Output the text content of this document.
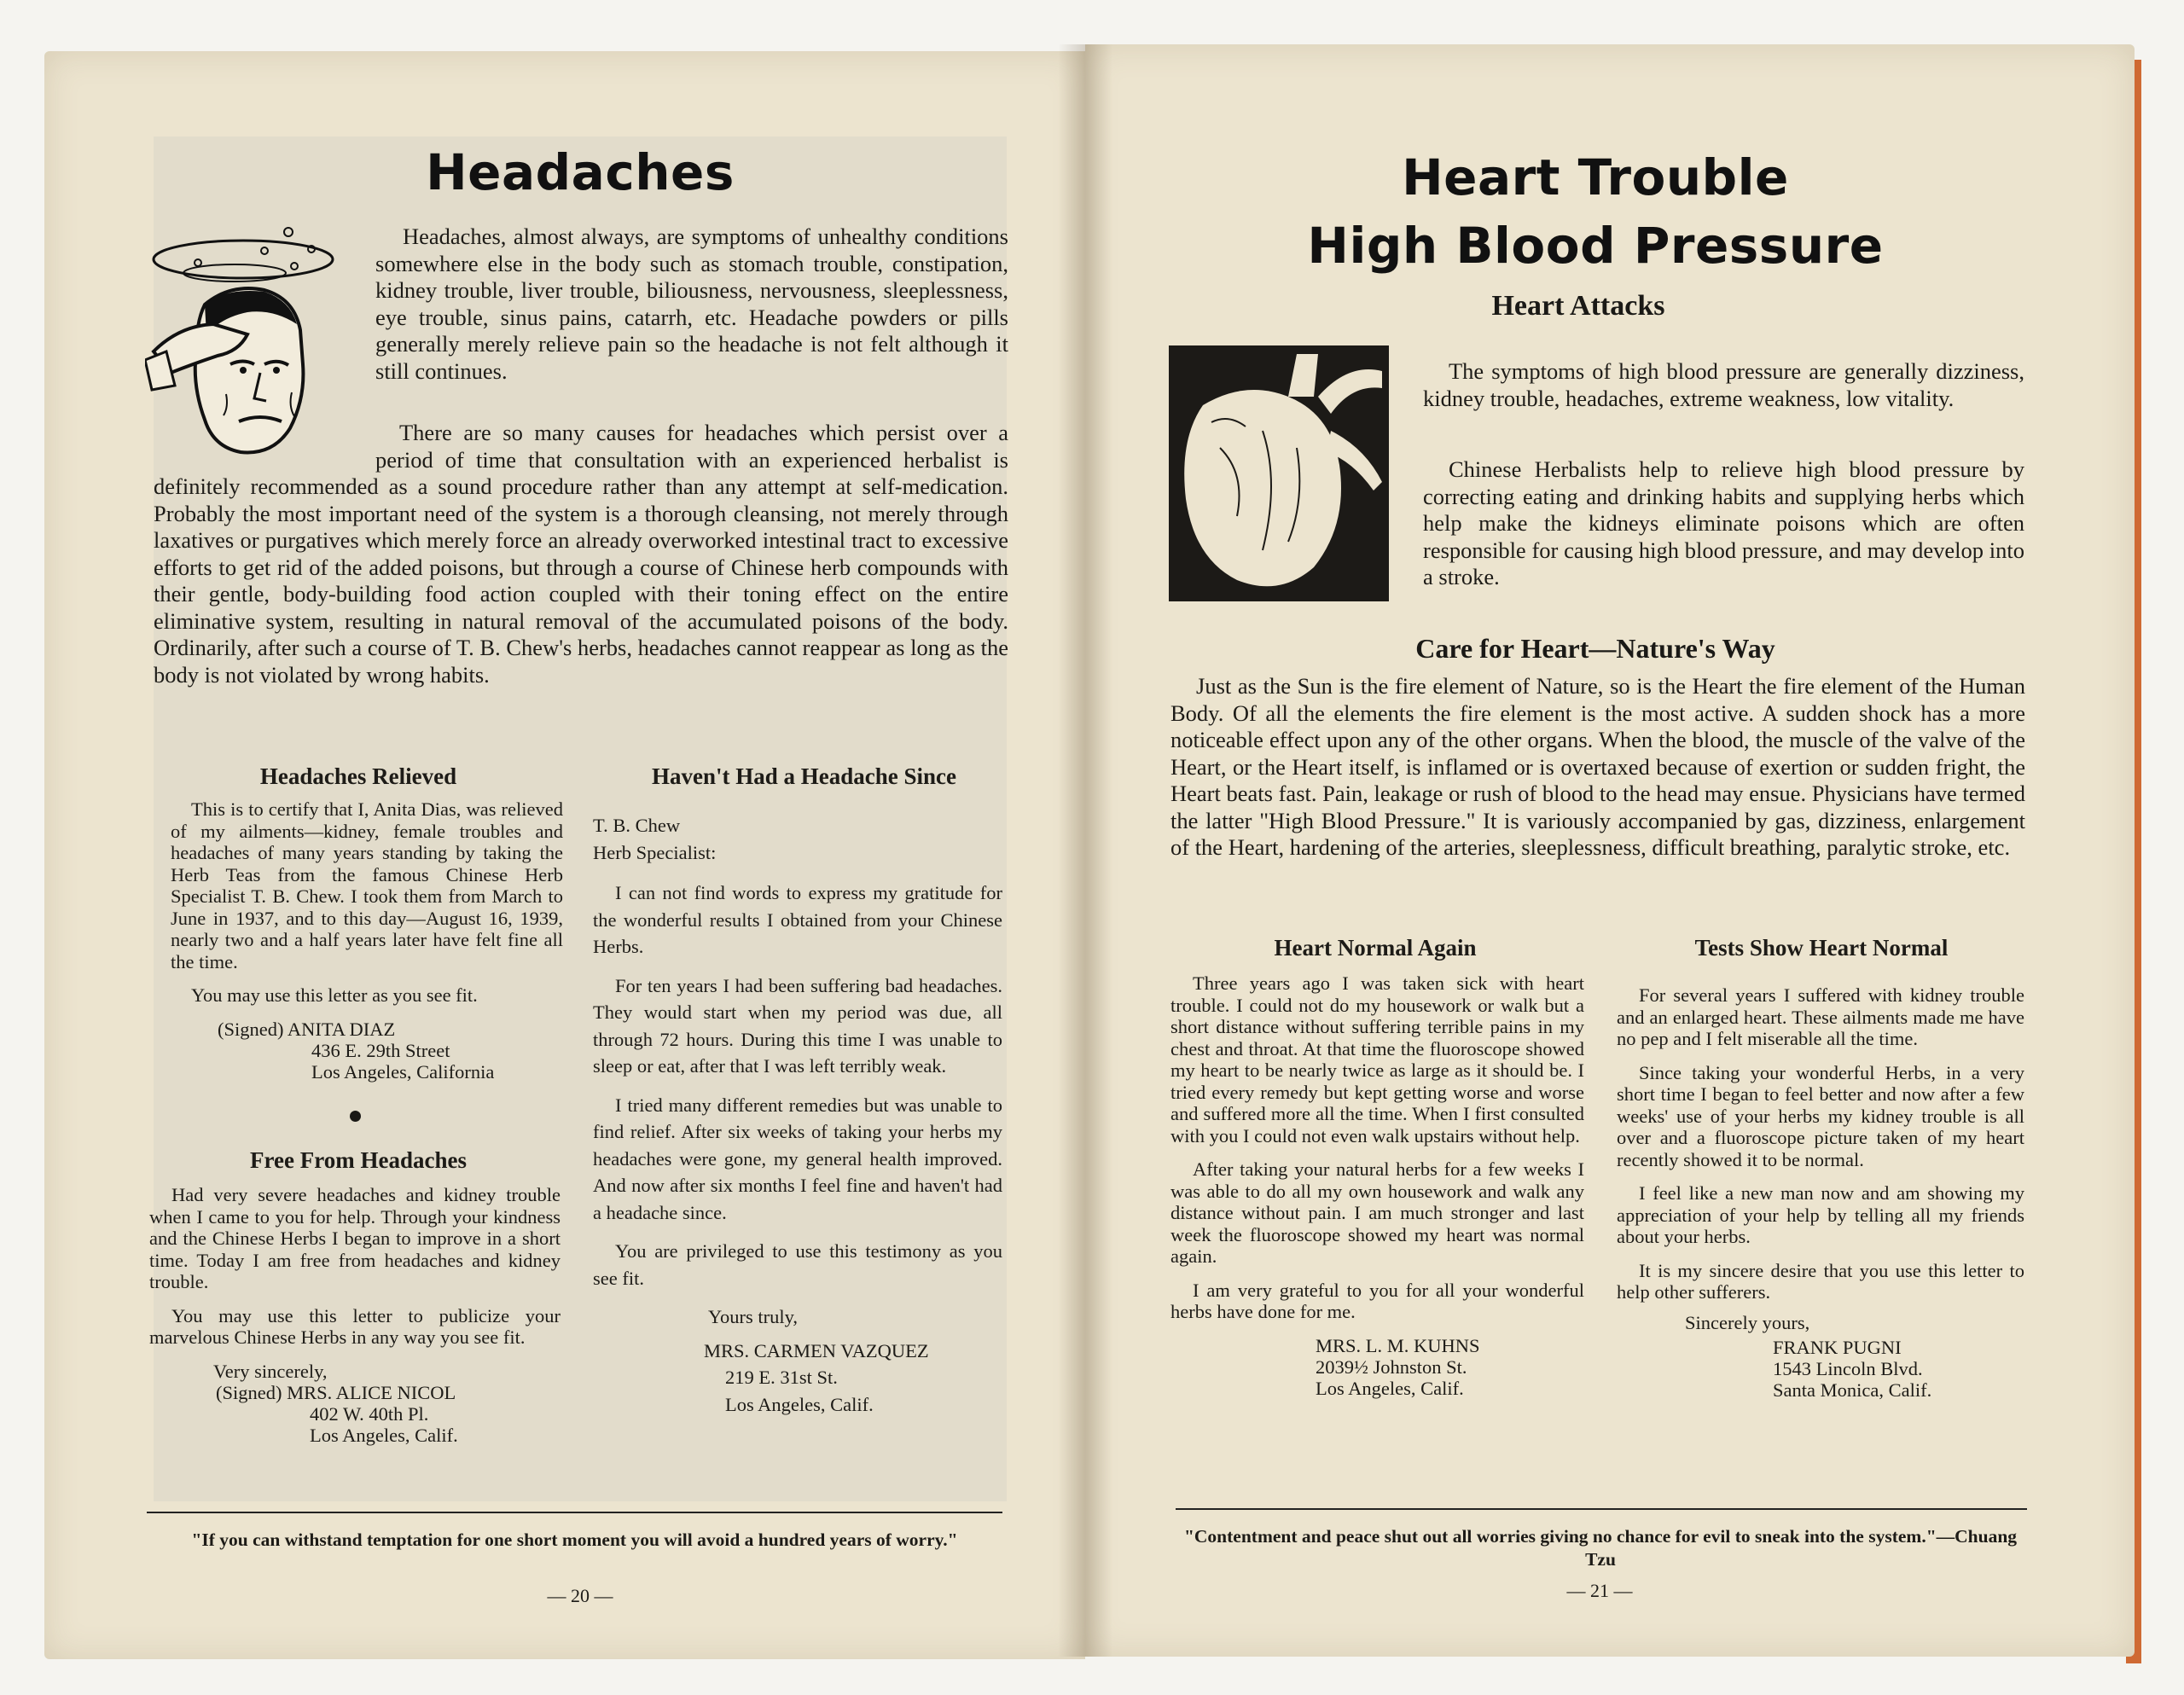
Headaches
Headaches, almost always, are symptoms of unhealthy conditions somewhere else in the body such as stomach trouble, constipation, kidney trouble, liver trouble, biliousness, nervousness, sleeplessness, eye trouble, sinus pains, catarrh, etc. Headache powders or pills generally merely relieve pain so the headache is not felt although it still continues.
There are so many causes for headaches which persist over a period of time that consultation with an experienced herbalist is definitely recommended as a sound procedure rather than any attempt at self-medication. Probably the most important need of the system is a thorough cleansing, not merely through laxatives or purgatives which merely force an already overworked intestinal tract to excessive efforts to get rid of the added poisons, but through a course of Chinese herb compounds with their gentle, body-building food action coupled with their toning effect on the entire eliminative system, resulting in natural removal of the accumulated poisons of the body. Ordinarily, after such a course of T. B. Chew's herbs, headaches cannot reappear as long as the body is not violated by wrong habits.
Headaches Relieved

This is to certify that I, Anita Dias, was relieved of my ailments—kidney, female troubles and headaches of many years standing by taking the Herb Teas from the famous Chinese Herb Specialist T. B. Chew. I took them from March to June in 1937, and to this day—August 16, 1939, nearly two and a half years later have felt fine all the time.

You may use this letter as you see fit.

(Signed) ANITA DIAZ
436 E. 29th Street
Los Angeles, California
Free From Headaches

Had very severe headaches and kidney trouble when I came to you for help. Through your kindness and the Chinese Herbs I began to improve in a short time. Today I am free from headaches and kidney trouble.

You may use this letter to publicize your marvelous Chinese Herbs in any way you see fit.

Very sincerely,
(Signed) MRS. ALICE NICOL
402 W. 40th Pl.
Los Angeles, Calif.
Haven't Had a Headache Since
T. B. Chew
Herb Specialist:

I can not find words to express my gratitude for the wonderful results I obtained from your Chinese Herbs.

For ten years I had been suffering bad headaches. They would start when my period was due, all through 72 hours. During this time I was unable to sleep or eat, after that I was left terribly weak.

I tried many different remedies but was unable to find relief. After six weeks of taking your herbs my headaches were gone, my general health improved. And now after six months I feel fine and haven't had a headache since.

You are privileged to use this testimony as you see fit.

Yours truly,
MRS. CARMEN VAZQUEZ
219 E. 31st St.
Los Angeles, Calif.
"If you can withstand temptation for one short moment you will avoid a hundred years of worry."
— 20 —
Heart Trouble
High Blood Pressure
Heart Attacks
The symptoms of high blood pressure are generally dizziness, kidney trouble, headaches, extreme weakness, low vitality.
Chinese Herbalists help to relieve high blood pressure by correcting eating and drinking habits and supplying herbs which help make the kidneys eliminate poisons which are often responsible for causing high blood pressure, and may develop into a stroke.
Care for Heart—Nature's Way
Just as the Sun is the fire element of Nature, so is the Heart the fire element of the Human Body. Of all the elements the fire element is the most active. A sudden shock has a more noticeable effect upon any of the other organs. When the blood, the muscle of the valve of the Heart, or the Heart itself, is inflamed or is overtaxed because of exertion or sudden fright, the Heart beats fast. Pain, leakage or rush of blood to the head may ensue. Physicians have termed the latter "High Blood Pressure." It is variously accompanied by gas, dizziness, enlargement of the Heart, hardening of the arteries, sleeplessness, difficult breathing, paralytic stroke, etc.
Heart Normal Again

Three years ago I was taken sick with heart trouble. I could not do my housework or walk but a short distance without suffering terrible pains in my chest and throat. At that time the fluoroscope showed my heart to be nearly twice as large as it should be. I tried every remedy but kept getting worse and worse and suffered more all the time. When I first consulted with you I could not even walk upstairs without help.

After taking your natural herbs for a few weeks I was able to do all my own housework and walk any distance without pain. I am much stronger and last week the fluoroscope showed my heart was normal again.

I am very grateful to you for all your wonderful herbs have done for me.

MRS. L. M. KUHNS
2039½ Johnston St.
Los Angeles, Calif.
Tests Show Heart Normal

For several years I suffered with kidney trouble and an enlarged heart. These ailments made me have no pep and I felt miserable all the time.

Since taking your wonderful Herbs, in a very short time I began to feel better and now after a few weeks' use of your herbs my kidney trouble is all over and a fluoroscope picture taken of my heart recently showed it to be normal.

I feel like a new man now and am showing my appreciation of your help by telling all my friends about your herbs.

It is my sincere desire that you use this letter to help other sufferers.

Sincerely yours,
FRANK PUGNI
1543 Lincoln Blvd.
Santa Monica, Calif.
"Contentment and peace shut out all worries giving no chance for evil to sneak into the system."—Chuang Tzu
— 21 —
